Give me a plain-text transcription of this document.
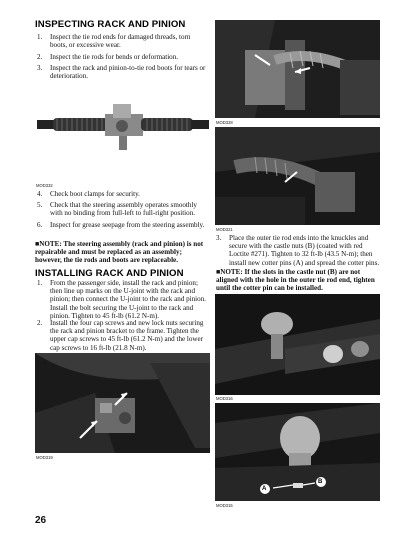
INSPECTING RACK AND PINION
1. Inspect the tie rod ends for damaged threads, torn boots, or excessive wear.
2. Inspect the tie rods for bends or deformation.
3. Inspect the rack and pinion-to-tie rod boots for tears or deterioration.
MOD332
4. Check boot clamps for security.
5. Check that the steering assembly operates smoothly with no binding from full-left to full-right position.
6. Inspect for grease seepage from the steering assembly.
■NOTE: The steering assembly (rack and pinion) is not repairable and must be replaced as an assembly; however, the tie rods and boots are replaceable.
INSTALLING RACK AND PINION
1. From the passenger side, install the rack and pinion; then line up marks on the U-joint with the rack and pinion; then connect the U-joint to the rack and pinion. Install the bolt securing the U-joint to the rack and pinion. Tighten to 45 ft-lb (61.2 N-m).
2. Install the four cap screws and new lock nuts securing the rack and pinion bracket to the frame. Tighten the upper cap screws to 45 ft-lb (61.2 N-m) and the lower cap screws to 16 ft-lb (21.8 N-m).
MOD319
MOD328
MOD321
3. Place the outer tie rod ends into the knuckles and secure with the castle nuts (B) (coated with red Loctite #271). Tighten to 32 ft-lb (43.5 N-m); then install new cotter pins (A) and spread the cotter pins.
■NOTE: If the slots in the castle nut (B) are not aligned with the hole in the outer tie rod end, tighten until the cotter pin can be installed.
MOD316
A
B
MOD315
26
